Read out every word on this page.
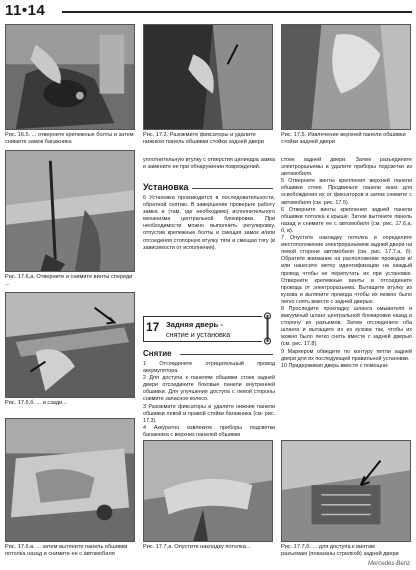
11•14
Рис. 16.5. ... отверните крепежные болты и затем снимите замок багажника
Рис. 17.6,а. Отверните и снимите винты спереди ...
Рис. 17.6,б. ... и сзади...
Рис. 17.6,в. ... затем вытяните панель обшивки потолка назад и снимите ее с автомобиля
Рис. 17.3. Разожмите фиксаторы и удалите нижнюю панель обшивки стойки задней двери

уплотнительную втулку с отверстия цилиндра замка и замените ее при обнаружении повреждений.

Установка

6 Установка производится в последовательности, обратной снятию. В завершение проверьте работу замка и (там, где необходимо) исполнительного механизма центральной блокировки. При необходимости можно выполнить регулировку, отпустив крепежные болты и смещая замок и/или отсоединяя стопорную втулку тяги и смещая тягу (в зависимости от исполнения).

17 Задняя дверь -
снятие и установка
Снятие

1 Отсоедините отрицательный провод аккумулятора.

2 Для доступа к панелям обшивки стоек задней двери отсоедините боковые панели внутренней обшивки. Для улучшения доступа с левой стороны снимите запасное колесо.

3 Разожмите фиксаторы и удалите нижние панели обшивки левой и правой стойки багажника (см. рис. 17.3).

4 Аккуратно извлеките приборы подсветки багажника с верхних панелей обшивки

Рис. 17.7,а. Опустите накладку потолка...
Рис. 17.5. Извлечение верхней панели обшивки стойки задней двери

стоек задней двери. Затем разъедините электроразъемы и удалите приборы подсветки из автомобиля.

5 Отверните винты крепления верхней панели обшивки стоек. Продвиньте панели вниз для освобождения их от фиксаторов и затем снимите с автомобиля (см. рис. 17.5).

6 Отверните винты крепления задней панели обшивки потолка к крыше. Затем вытяните панель назад и снимите ее с автомобиля (см. рис. 17.6,а, б, в).

7 Опустите накладку потолка и определите местоположение электроразъемов задней двери на левой стороне автомобиля (см. рис. 17.7,а, б). Обратите внимание на расположение проводов и/или нанесите метку идентификации на каждый провод чтобы не перепутать их при установке. Отверните крепежные винты и отсоедините провода от электроразъема. Вытащите втулку из кузова и вытяните провода чтобы их можно было легко снять вместе с задней дверью.

8 Проследите прокладку шланга омывателя и вакуумный шланг центральной блокировки назад в сторону их разъемов. Затем отсоедините оба шланга и вытащите их из кузова так, чтобы их можно было легко снять вместе с задней дверью (см. рис. 17.8).

9 Маркером обведите по контуру петли задней двери для их последующей правильной установки.

10 Придерживая дверь вместе с помощни-

Рис. 17.7,б. ... для доступа к винтам разъемам (показаны стрелкой) задней двери
Mercedes-Benz
